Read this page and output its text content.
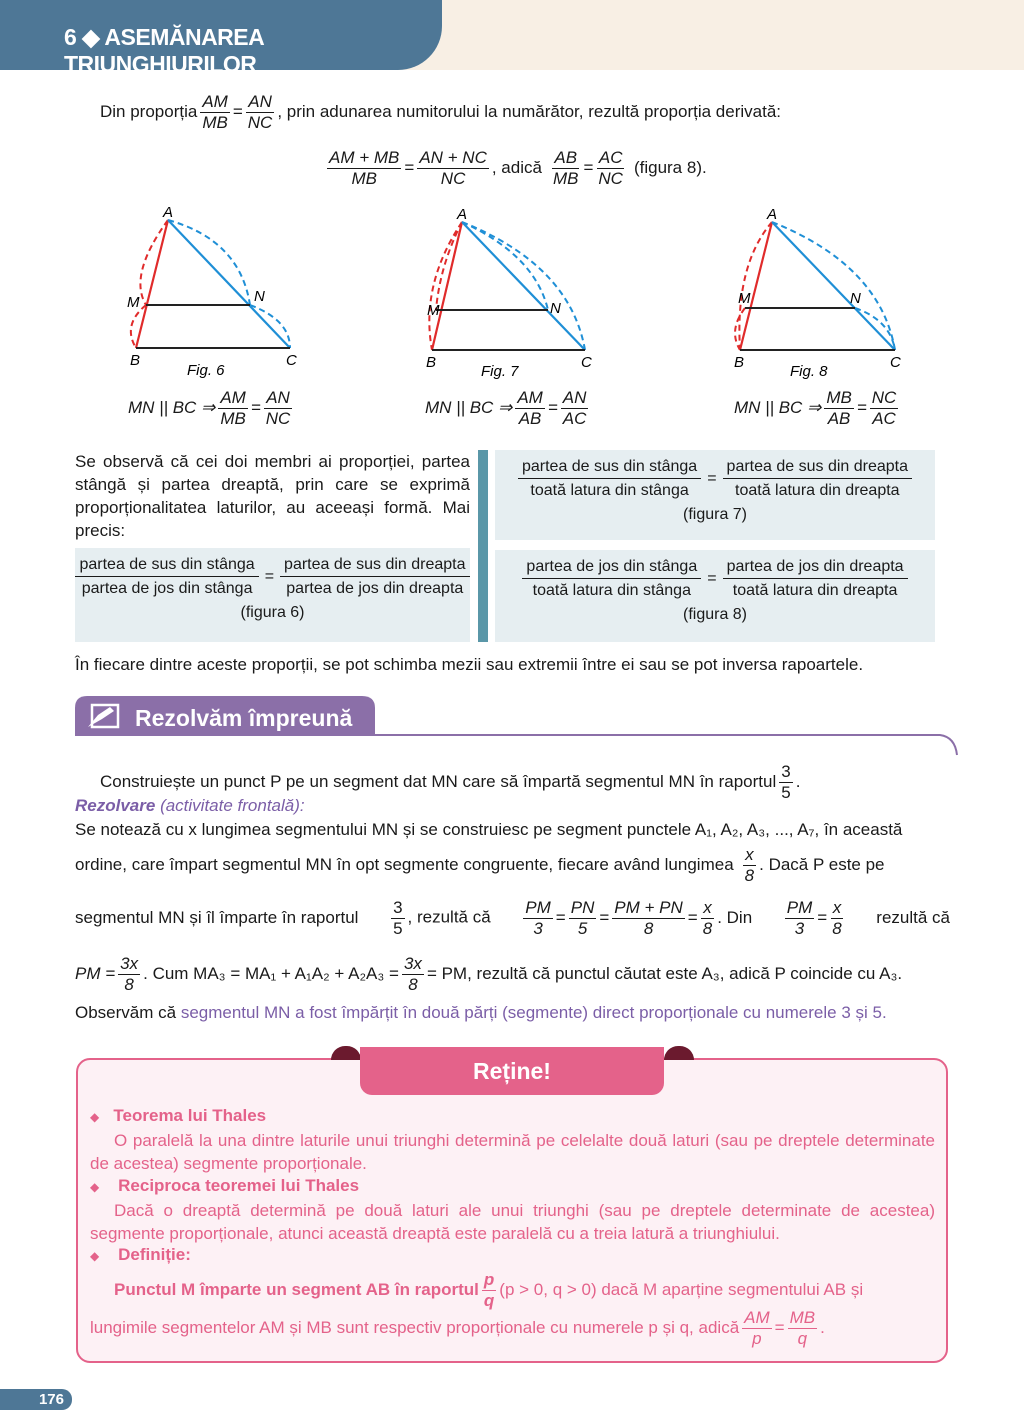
6 ◆ ASEMĂNAREA TRIUNGHIURILOR
Din proporția $\frac{AM}{MB} = \frac{AN}{NC}$ , prin adunarea numitorului la numărător, rezultă proporția derivată:
$\frac{AM + MB}{MB} = \frac{AN + NC}{NC}$ , adică $\frac{AB}{MB} = \frac{AC}{NC}$ (figura 8).
A
B	C
M	N
Fig. 6
A
B	C
M	N
Fig. 7
A
B	C
M	N
Fig. 8
MN || BC ⇒ $\frac{AM}{MB} = \frac{AN}{NC}$	MN || BC ⇒ $\frac{AM}{AB} = \frac{AN}{AC}$	MN || BC ⇒ $\frac{MB}{AB} = \frac{NC}{AC}$
Se observă că cei doi membri ai proporției, partea stângă și partea dreaptă, prin care se exprimă proporționalitatea laturilor, au aceeași formă. Mai precis:
partea de sus din stânga
partea de jos din stânga
=
partea de sus din dreapta
partea de jos din dreapta
(figura 6)
partea de sus din stânga
toată latura din stânga
=
partea de sus din dreapta
toată latura din dreapta
(figura 7)
partea de jos din stânga
toată latura din stânga
=
partea de jos din dreapta
toată latura din dreapta
(figura 8)
În fiecare dintre aceste proporții, se pot schimba mezii sau extremii între ei sau se pot inversa rapoartele.
Rezolvăm împreună
Construiește un punct P pe un segment dat MN care să împartă segmentul MN în raportul $\frac{3}{5}$ .
Rezolvare
(activitate frontală):
Se notează cu x lungimea segmentului MN și se construiesc pe segment punctele A₁, A₂, A₃, ..., A₇, în această
ordine, care împart segmentul MN în opt segmente congruente, fiecare având lungimea $\frac{x}{8}$ . Dacă P este pe
segmentul MN și îl împarte în raportul $\frac{3}{5}$ , rezultă că $\frac{PM}{3} = \frac{PN}{5} = \frac{PM + PN}{8} = \frac{x}{8}$ . Din $\frac{PM}{3} = \frac{x}{8}$ rezultă că
PM = $\frac{3x}{8}$ . Cum $MA_3 = MA_1 + A_1A_2 + A_2A_3 = \frac{3x}{8}$ = PM, rezultă că punctul căutat este A₃, adică P coincide cu A₃.
Observăm că
segmentul MN a fost împărțit în două părți (segmente) direct proporționale cu numerele 3 și 5.
Reține!
◆ Teorema lui Thales
O paralelă la una dintre laturile unui triunghi determină pe celelalte două laturi (sau pe dreptele determinate de acestea) segmente proporționale.
◆ Reciproca teoremei lui Thales
Dacă o dreaptă determină pe două laturi ale unui triunghi (sau pe dreptele determinate de acestea) segmente proporționale, atunci această dreaptă este paralelă cu a treia latură a triunghiului.
◆ Definiție:
Punctul M împarte un segment AB în raportul $\frac{p}{q} (p > 0$, q > 0) dacă M aparține segmentului AB și
lungimile segmentelor AM și MB sunt respectiv proporționale cu numerele p și q, adică $\frac{AM}{p} = \frac{MB}{q}$ .
176
